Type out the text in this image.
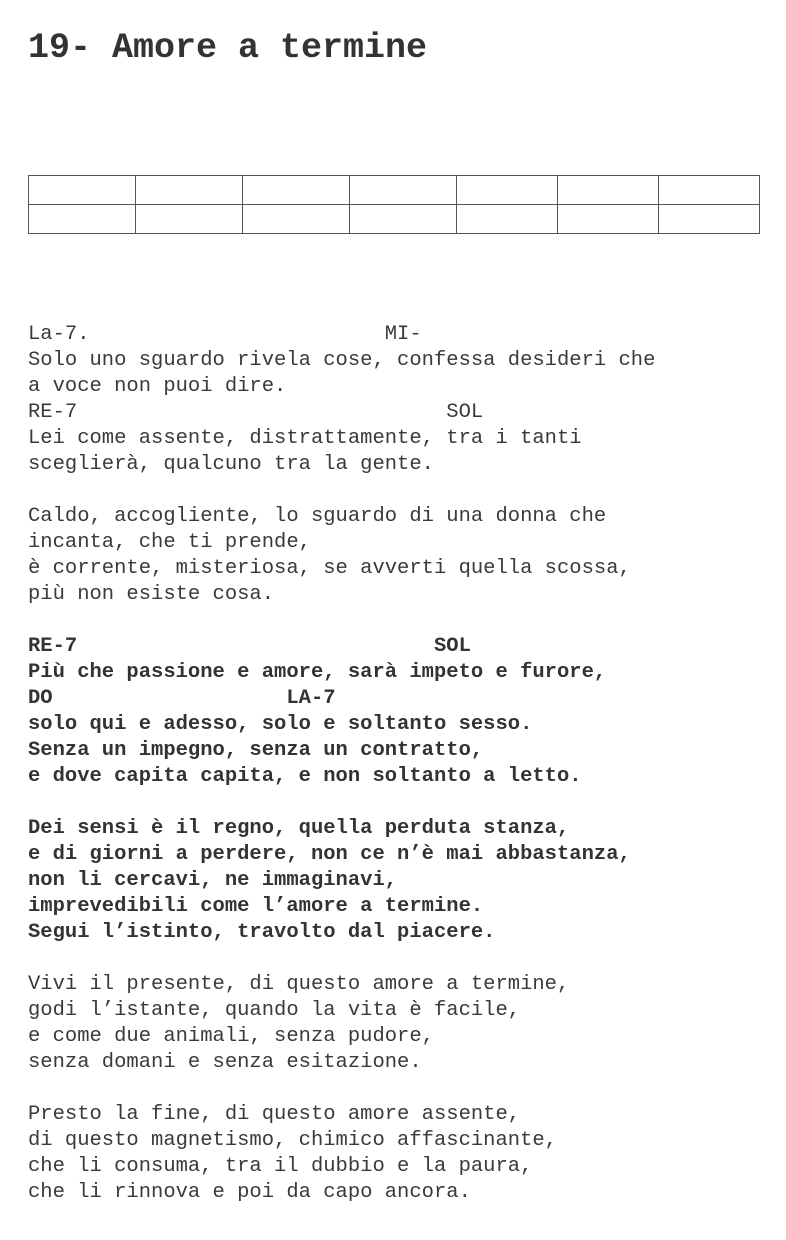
19- Amore a termine

La-7.                        MI-
Solo uno sguardo rivela cose, confessa desideri che
a voce non puoi dire.
RE-7                              SOL
Lei come assente, distrattamente, tra i tanti
sceglierà, qualcuno tra la gente.
Caldo, accogliente, lo sguardo di una donna che
incanta, che ti prende,
è corrente, misteriosa, se avverti quella scossa,
più non esiste cosa.
RE-7                             SOL
Più che passione e amore, sarà impeto e furore,
DO                   LA-7
solo qui e adesso, solo e soltanto sesso.
Senza un impegno, senza un contratto,
e dove capita capita, e non soltanto a letto.
Dei sensi è il regno, quella perduta stanza,
e di giorni a perdere, non ce n’è mai abbastanza,
non li cercavi, ne immaginavi,
imprevedibili come l’amore a termine.
Segui l’istinto, travolto dal piacere.
Vivi il presente, di questo amore a termine,
godi l’istante, quando la vita è facile,
e come due animali, senza pudore,
senza domani e senza esitazione.
Presto la fine, di questo amore assente,
di questo magnetismo, chimico affascinante,
che li consuma, tra il dubbio e la paura,
che li rinnova e poi da capo ancora.
